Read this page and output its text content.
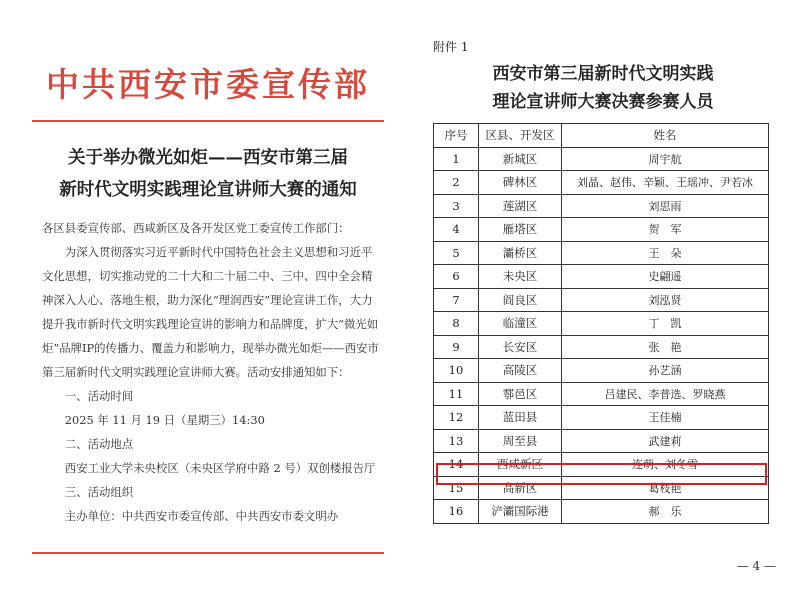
中共西安市委宣传部
关于举办微光如炬——西安市第三届
新时代文明实践理论宣讲师大赛的通知

各区县委宣传部、西咸新区及各开发区党工委宣传工作部门：

为深入贯彻落实习近平新时代中国特色社会主义思想和习近平文化思想，切实推动党的二十大和二十届二中、三中、四中全会精神深入人心、落地生根，助力深化“理润西安”理论宣讲工作，大力提升我市新时代文明实践理论宣讲的影响力和品牌度，扩大“微光如炬”品牌IP的传播力、覆盖力和影响力，现举办微光如炬——西安市第三届新时代文明实践理论宣讲师大赛。活动安排通知如下：

一、活动时间

2025 年 11 月 19 日（星期三）14:30

二、活动地点

西安工业大学未央校区（未央区学府中路 2 号）双创楼报告厅

三、活动组织

主办单位：中共西安市委宣传部、中共西安市委文明办

附件 1
西安市第三届新时代文明实践
理论宣讲师大赛决赛参赛人员
序号	区县、开发区	姓名
1	新城区	周宇航
2	碑林区	刘晶、赵伟、辛颖、王瑶冲、尹若冰
3	莲湖区	刘思雨
4	雁塔区	贺　军
5	灞桥区	王　朵
6	未央区	史翩遥
7	阎良区	刘泓贤
8	临潼区	丁　凯
9	长安区	张　艳
10	高陵区	孙艺涵
11	鄠邑区	吕建民、李普选、罗晓燕
12	蓝田县	王佳楠
13	周至县	武建莉
14	西咸新区	连萌、刘冬雪
15	高新区	葛枝艳
16	浐灞国际港	郝　乐
— 4 —
